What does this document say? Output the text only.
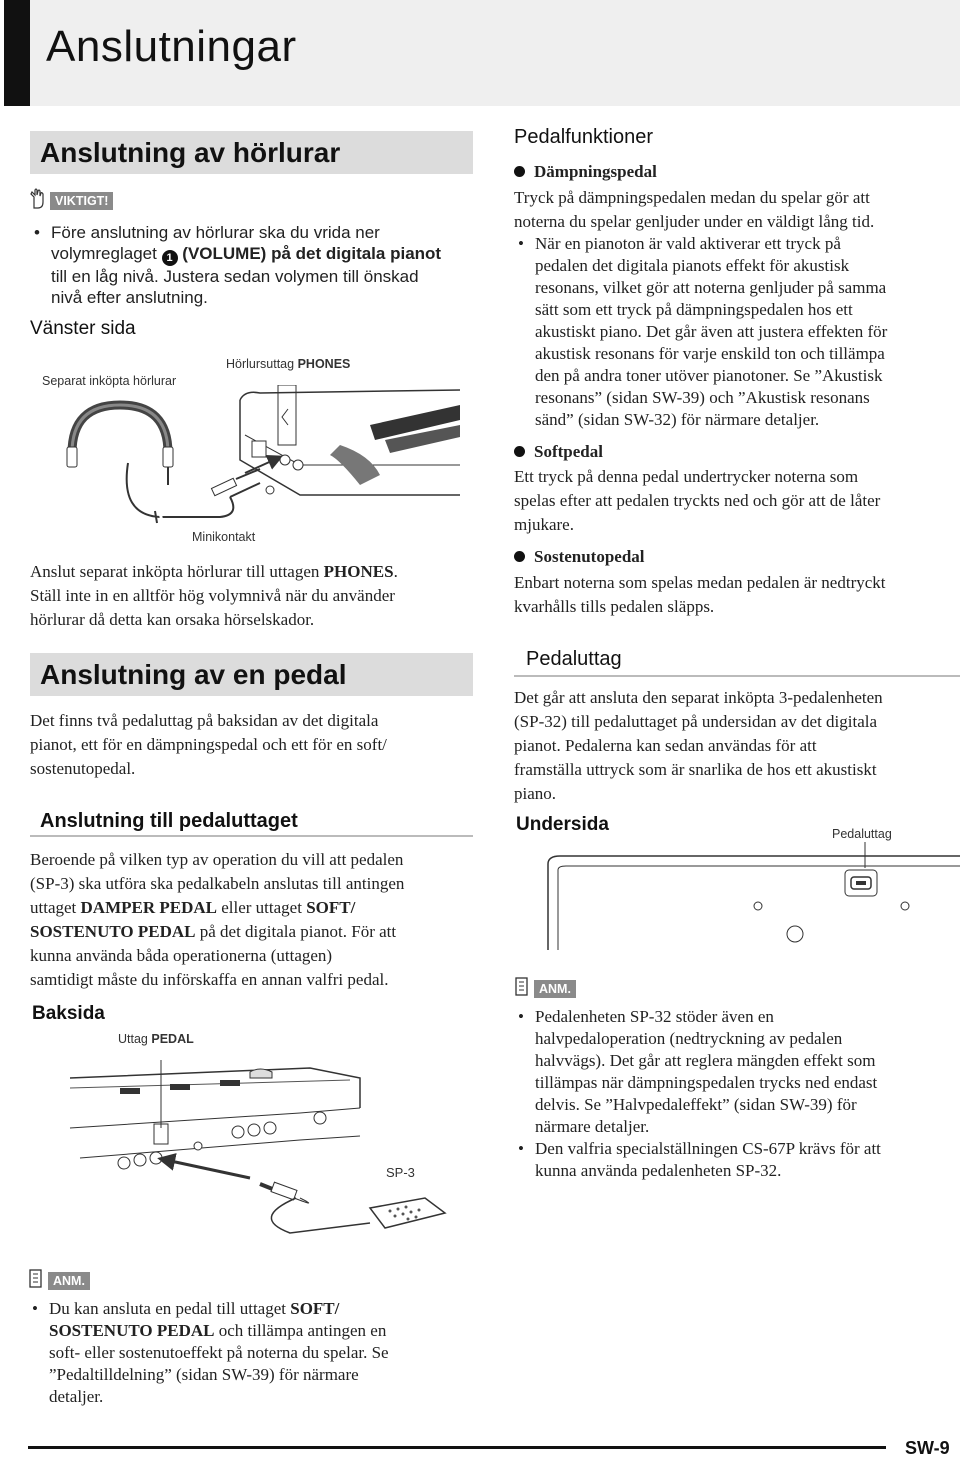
Anslutningar
Anslutning av hörlurar
VIKTIGT!
• Före anslutning av hörlurar ska du vrida ner
volymreglaget 1 (VOLUME) på det digitala pianot
till en låg nivå. Justera sedan volymen till önskad
nivå efter anslutning.
Vänster sida
Separat inköpta hörlurar
Hörlursuttag PHONES
Minikontakt
Anslut separat inköpta hörlurar till uttagen PHONES.
Ställ inte in en alltför hög volymnivå när du använder
hörlurar då detta kan orsaka hörselskador.
Anslutning av en pedal
Det finns två pedaluttag på baksidan av det digitala
pianot, ett för en dämpningspedal och ett för en soft/
sostenutopedal.
Anslutning till pedaluttaget
Beroende på vilken typ av operation du vill att pedalen
(SP-3) ska utföra ska pedalkabeln anslutas till antingen
uttaget DAMPER PEDAL eller uttaget SOFT/
SOSTENUTO PEDAL på det digitala pianot. För att
kunna använda båda operationerna (uttagen)
samtidigt måste du införskaffa en annan valfri pedal.
Baksida
Uttag PEDAL
SP-3
ANM.
• Du kan ansluta en pedal till uttaget SOFT/
SOSTENUTO PEDAL och tillämpa antingen en
soft- eller sostenutoeffekt på noterna du spelar. Se
”Pedaltilldelning” (sidan SW-39) för närmare
detaljer.
Pedalfunktioner
Dämpningspedal
Tryck på dämpningspedalen medan du spelar gör att
noterna du spelar genljuder under en väldigt lång tid.
• När en pianoton är vald aktiverar ett tryck på
pedalen det digitala pianots effekt för akustisk
resonans, vilket gör att noterna genljuder på samma
sätt som ett tryck på dämpningspedalen hos ett
akustiskt piano. Det går även att justera effekten för
akustisk resonans för varje enskild ton och tillämpa
den på andra toner utöver pianotoner. Se ”Akustisk
resonans” (sidan SW-39) och ”Akustisk resonans
sänd” (sidan SW-32) för närmare detaljer.
Softpedal
Ett tryck på denna pedal undertrycker noterna som
spelas efter att pedalen tryckts ned och gör att de låter
mjukare.
Sostenutopedal
Enbart noterna som spelas medan pedalen är nedtryckt
kvarhålls tills pedalen släpps.
Pedaluttag
Det går att ansluta den separat inköpta 3-pedalenheten
(SP-32) till pedaluttaget på undersidan av det digitala
pianot. Pedalerna kan sedan användas för att
framställa uttryck som är snarlika de hos ett akustiskt
piano.
Undersida	Pedaluttag
ANM.
• Pedalenheten SP-32 stöder även en
halvpedaloperation (nedtryckning av pedalen
halvvägs). Det går att reglera mängden effekt som
tillämpas när dämpningspedalen trycks ned endast
delvis. Se ”Halvpedaleffekt” (sidan SW-39) för
närmare detaljer.
• Den valfria specialställningen CS-67P krävs för att
kunna använda pedalenheten SP-32.
SW-9
